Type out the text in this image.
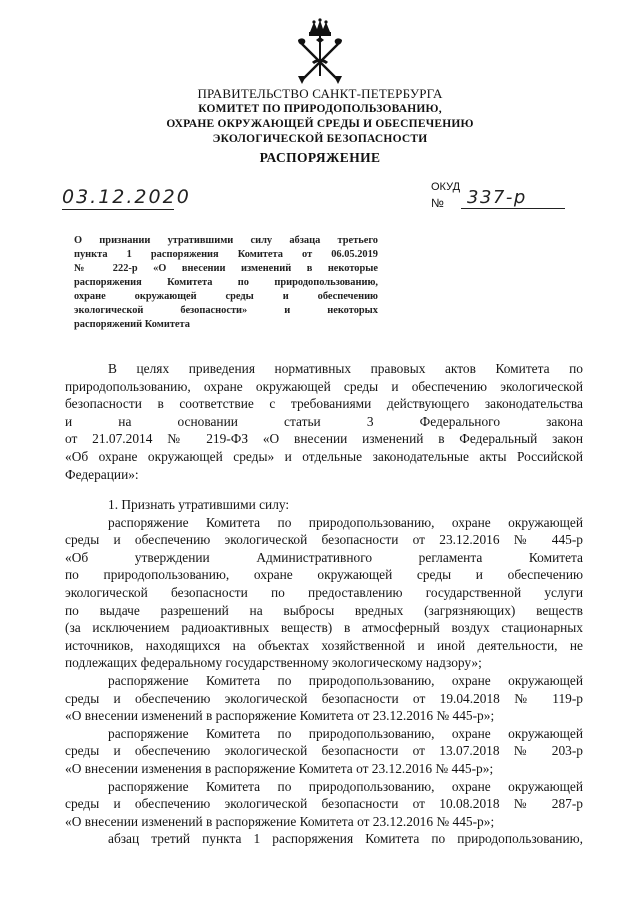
ПРАВИТЕЛЬСТВО САНКТ-ПЕТЕРБУРГА
КОМИТЕТ ПО ПРИРОДОПОЛЬЗОВАНИЮ,
ОХРАНЕ ОКРУЖАЮЩЕЙ СРЕДЫ И ОБЕСПЕЧЕНИЮ
ЭКОЛОГИЧЕСКОЙ БЕЗОПАСНОСТИ
РАСПОРЯЖЕНИЕ
03.12.2020	ОКУД
№	337-р
О признании утратившими силу абзаца третьего
пункта 1 распоряжения Комитета от 06.05.2019
№ 222-р «О внесении изменений в некоторые
распоряжения Комитета по природопользованию,
охране окружающей среды и обеспечению
экологической безопасности» и некоторых
распоряжений Комитета
В целях приведения нормативных правовых актов Комитета по
природопользованию, охране окружающей среды и обеспечению экологической
безопасности в соответствие с требованиями действующего законодательства
и на основании статьи 3 Федерального закона
от 21.07.2014 № 219-ФЗ «О внесении изменений в Федеральный закон
«Об охране окружающей среды» и отдельные законодательные акты Российской
Федерации»:
1. Признать утратившими силу:
распоряжение Комитета по природопользованию, охране окружающей
среды и обеспечению экологической безопасности от 23.12.2016 № 445-р
«Об утверждении Административного регламента Комитета
по природопользованию, охране окружающей среды и обеспечению
экологической безопасности по предоставлению государственной услуги
по выдаче разрешений на выбросы вредных (загрязняющих) веществ
(за исключением радиоактивных веществ) в атмосферный воздух стационарных
источников, находящихся на объектах хозяйственной и иной деятельности, не
подлежащих федеральному государственному экологическому надзору»;
распоряжение Комитета по природопользованию, охране окружающей
среды и обеспечению экологической безопасности от 19.04.2018 № 119-р
«О внесении изменений в распоряжение Комитета от 23.12.2016 № 445-р»;
распоряжение Комитета по природопользованию, охране окружающей
среды и обеспечению экологической безопасности от 13.07.2018 № 203-р
«О внесении изменения в распоряжение Комитета от 23.12.2016 № 445-р»;
распоряжение Комитета по природопользованию, охране окружающей
среды и обеспечению экологической безопасности от 10.08.2018 № 287-р
«О внесении изменений в распоряжение Комитета от 23.12.2016 № 445-р»;
абзац третий пункта 1 распоряжения Комитета по природопользованию,
